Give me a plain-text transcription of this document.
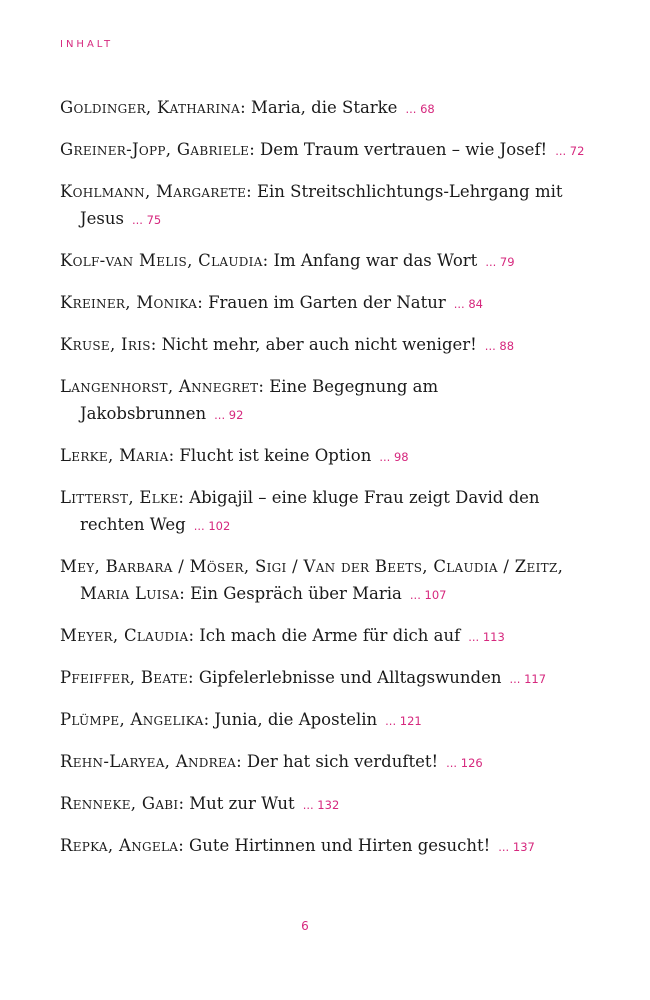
INHALT
Goldinger, Katharina: Maria, die Starke ... 68
Greiner-Jopp, Gabriele: Dem Traum vertrauen – wie Josef! ... 72
Kohlmann, Margarete: Ein Streitschlichtungs-Lehrgang mit Jesus ... 75
Kolf-van Melis, Claudia: Im Anfang war das Wort ... 79
Kreiner, Monika: Frauen im Garten der Natur ... 84
Kruse, Iris: Nicht mehr, aber auch nicht weniger! ... 88
Langenhorst, Annegret: Eine Begegnung am Jakobsbrunnen ... 92
Lerke, Maria: Flucht ist keine Option ... 98
Litterst, Elke: Abigajil – eine kluge Frau zeigt David den rechten Weg ... 102
Mey, Barbara / Möser, Sigi / Van der Beets, Claudia / Zeitz, Maria Luisa: Ein Gespräch über Maria ... 107
Meyer, Claudia: Ich mach die Arme für dich auf ... 113
Pfeiffer, Beate: Gipfelerlebnisse und Alltagswunden ... 117
Plümpe, Angelika: Junia, die Apostelin ... 121
Rehn-Laryea, Andrea: Der hat sich verduftet! ... 126
Renneke, Gabi: Mut zur Wut ... 132
Repka, Angela: Gute Hirtinnen und Hirten gesucht! ... 137
6
